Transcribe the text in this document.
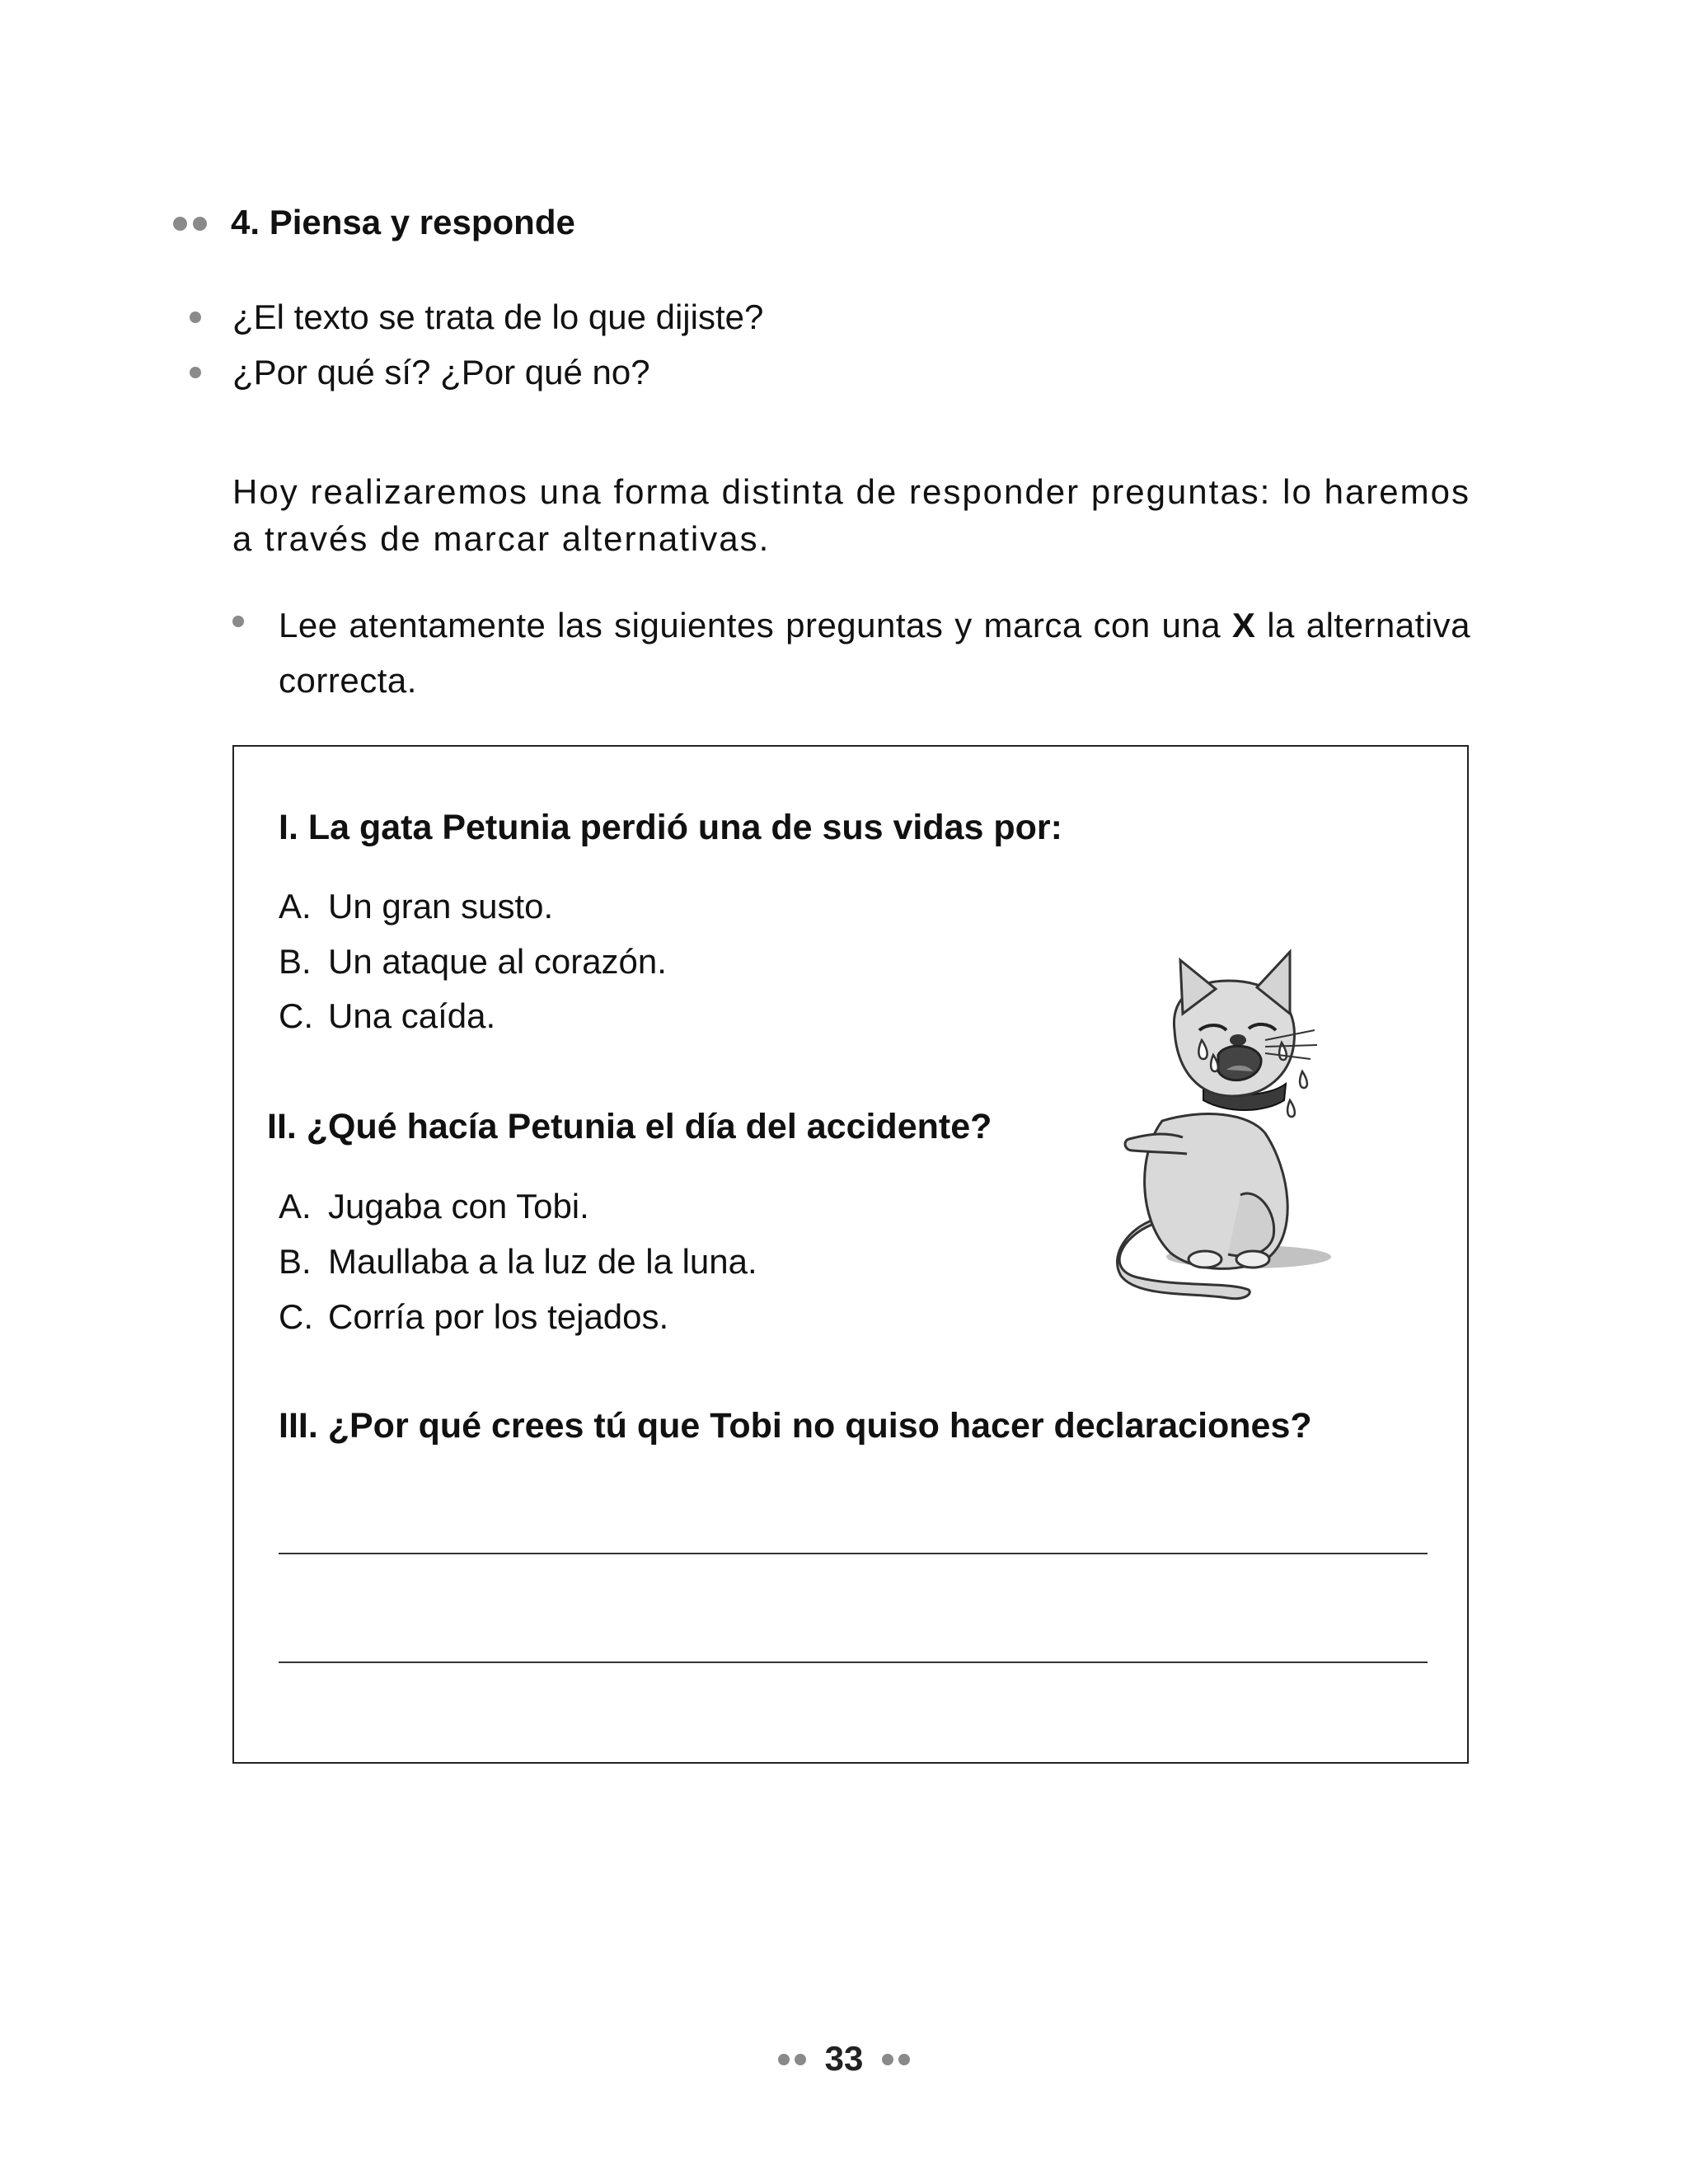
4. Piensa y responde
¿El texto se trata de lo que dijiste?
¿Por qué sí? ¿Por qué no?
Hoy realizaremos una forma distinta de responder preguntas: lo haremos a través de marcar alternativas.
Lee atentamente las siguientes preguntas y marca con una X la alternativa correcta.
I. La gata Petunia perdió una de sus vidas por:
A. Un gran susto.
B. Un ataque al corazón.
C. Una caída.
II. ¿Qué hacía Petunia el día del accidente?
A. Jugaba con Tobi.
B. Maullaba a la luz de la luna.
C. Corría por los tejados.
III. ¿Por qué crees tú que Tobi no quiso hacer declaraciones?
33
